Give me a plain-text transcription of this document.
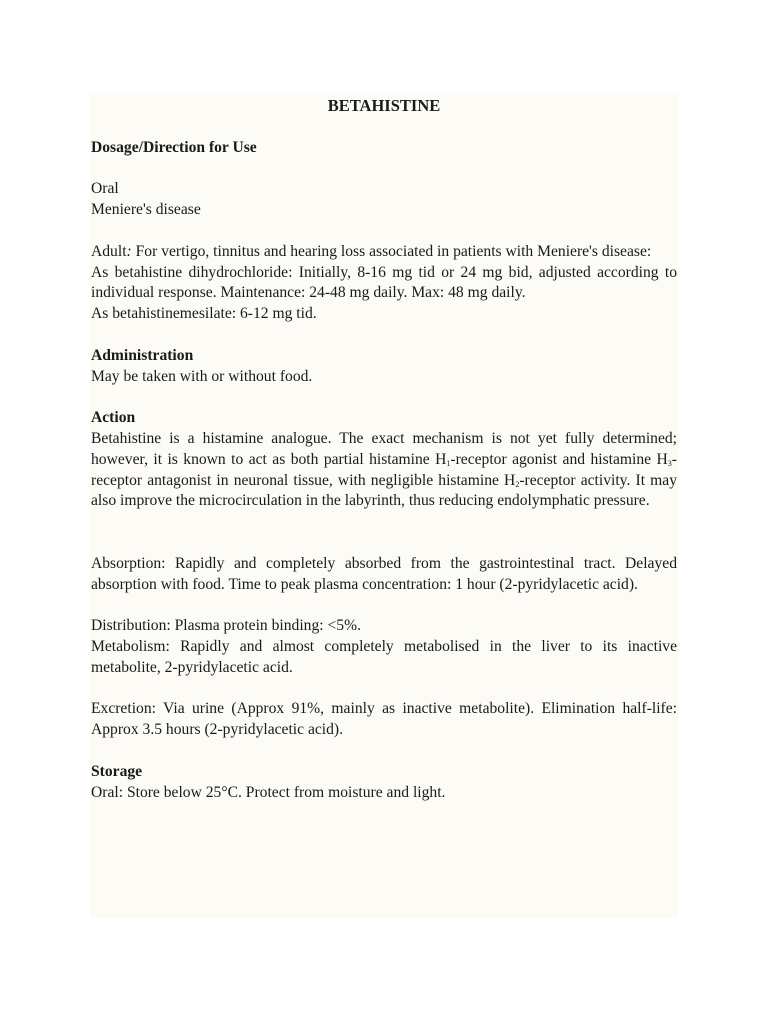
BETAHISTINE

Dosage/Direction for Use

Oral

Meniere's disease

Adult: For vertigo, tinnitus and hearing loss associated in patients with Meniere's disease:

As betahistine dihydrochloride: Initially, 8-16 mg tid or 24 mg bid, adjusted according to individual response. Maintenance: 24-48 mg daily. Max: 48 mg daily.

As betahistinemesilate: 6-12 mg tid.

Administration

May be taken with or without food.

Action

Betahistine is a histamine analogue. The exact mechanism is not yet fully determined; however, it is known to act as both partial histamine $H_1$-receptor agonist and histamine $H_3$-receptor antagonist in neuronal tissue, with negligible histamine $H_2$-receptor activity. It may also improve the microcirculation in the labyrinth, thus reducing endolymphatic pressure.

Absorption: Rapidly and completely absorbed from the gastrointestinal tract. Delayed absorption with food. Time to peak plasma concentration: 1 hour (2-pyridylacetic acid).

Distribution: Plasma protein binding: <5%.

Metabolism: Rapidly and almost completely metabolised in the liver to its inactive metabolite, 2-pyridylacetic acid.

Excretion: Via urine (Approx 91%, mainly as inactive metabolite). Elimination half-life: Approx 3.5 hours (2-pyridylacetic acid).

Storage

Oral: Store below 25°C. Protect from moisture and light.
